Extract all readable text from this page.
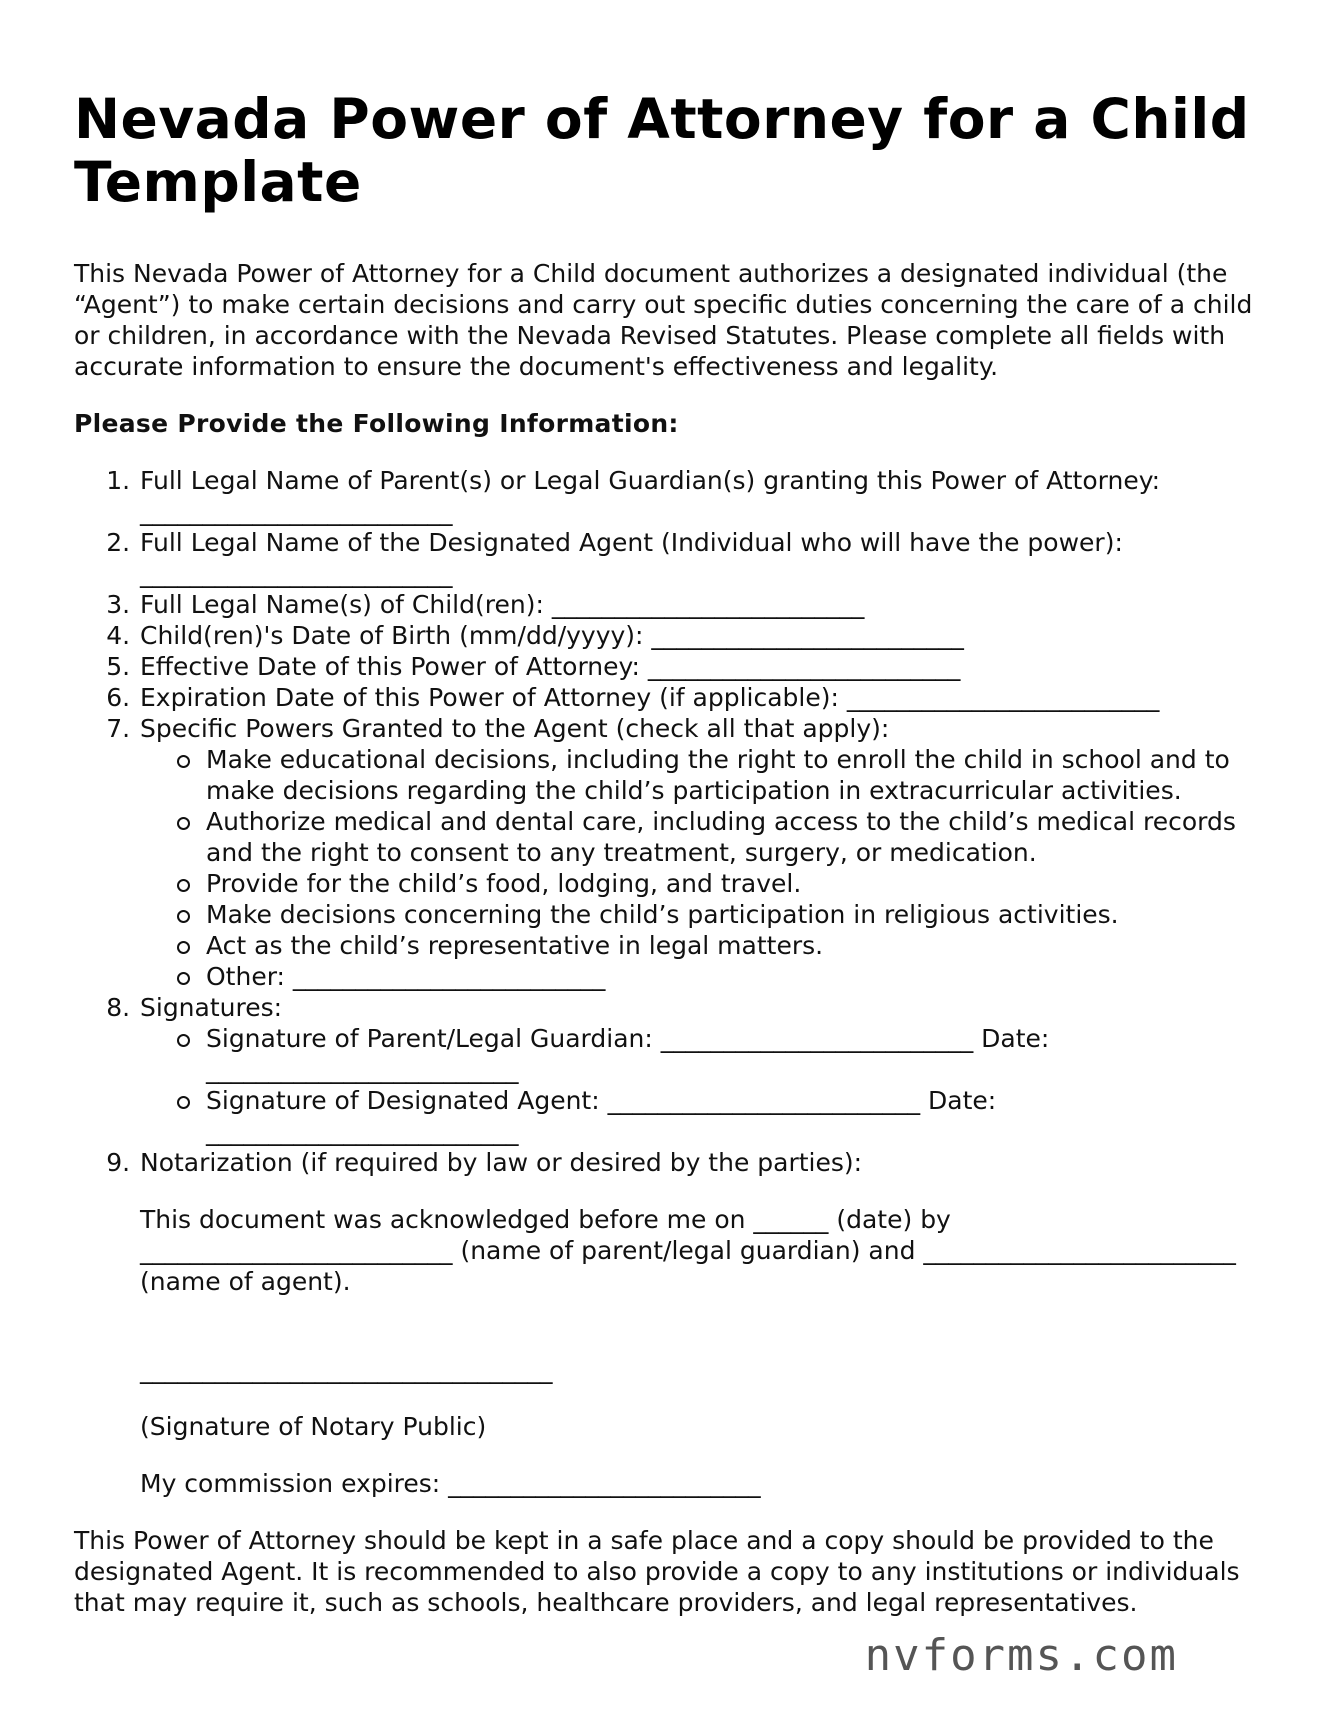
Nevada Power of Attorney for a Child Template

This Nevada Power of Attorney for a Child document authorizes a designated individual (the “Agent”) to make certain decisions and carry out specific duties concerning the care of a child or children, in accordance with the Nevada Revised Statutes. Please complete all fields with accurate information to ensure the document's effectiveness and legality.

Please Provide the Following Information:

1. Full Legal Name of Parent(s) or Legal Guardian(s) granting this Power of Attorney: _________________________
2. Full Legal Name of the Designated Agent (Individual who will have the power): _________________________
3. Full Legal Name(s) of Child(ren): _________________________
4. Child(ren)'s Date of Birth (mm/dd/yyyy): _________________________
5. Effective Date of this Power of Attorney: _________________________
6. Expiration Date of this Power of Attorney (if applicable): _________________________
7. Specific Powers Granted to the Agent (check all that apply):
Make educational decisions, including the right to enroll the child in school and to make decisions regarding the child’s participation in extracurricular activities.
Authorize medical and dental care, including access to the child’s medical records and the right to consent to any treatment, surgery, or medication.
Provide for the child’s food, lodging, and travel.
Make decisions concerning the child’s participation in religious activities.
Act as the child’s representative in legal matters.
Other: _________________________
8. Signatures:
Signature of Parent/Legal Guardian: _________________________ Date: _________________________
Signature of Designated Agent: _________________________ Date: _________________________
9. Notarization (if required by law or desired by the parties):

This document was acknowledged before me on ______ (date) by _________________________ (name of parent/legal guardian) and _________________________ (name of agent).

_________________________________

(Signature of Notary Public)

My commission expires: _________________________

This Power of Attorney should be kept in a safe place and a copy should be provided to the designated Agent. It is recommended to also provide a copy to any institutions or individuals that may require it, such as schools, healthcare providers, and legal representatives.

nvforms.com
